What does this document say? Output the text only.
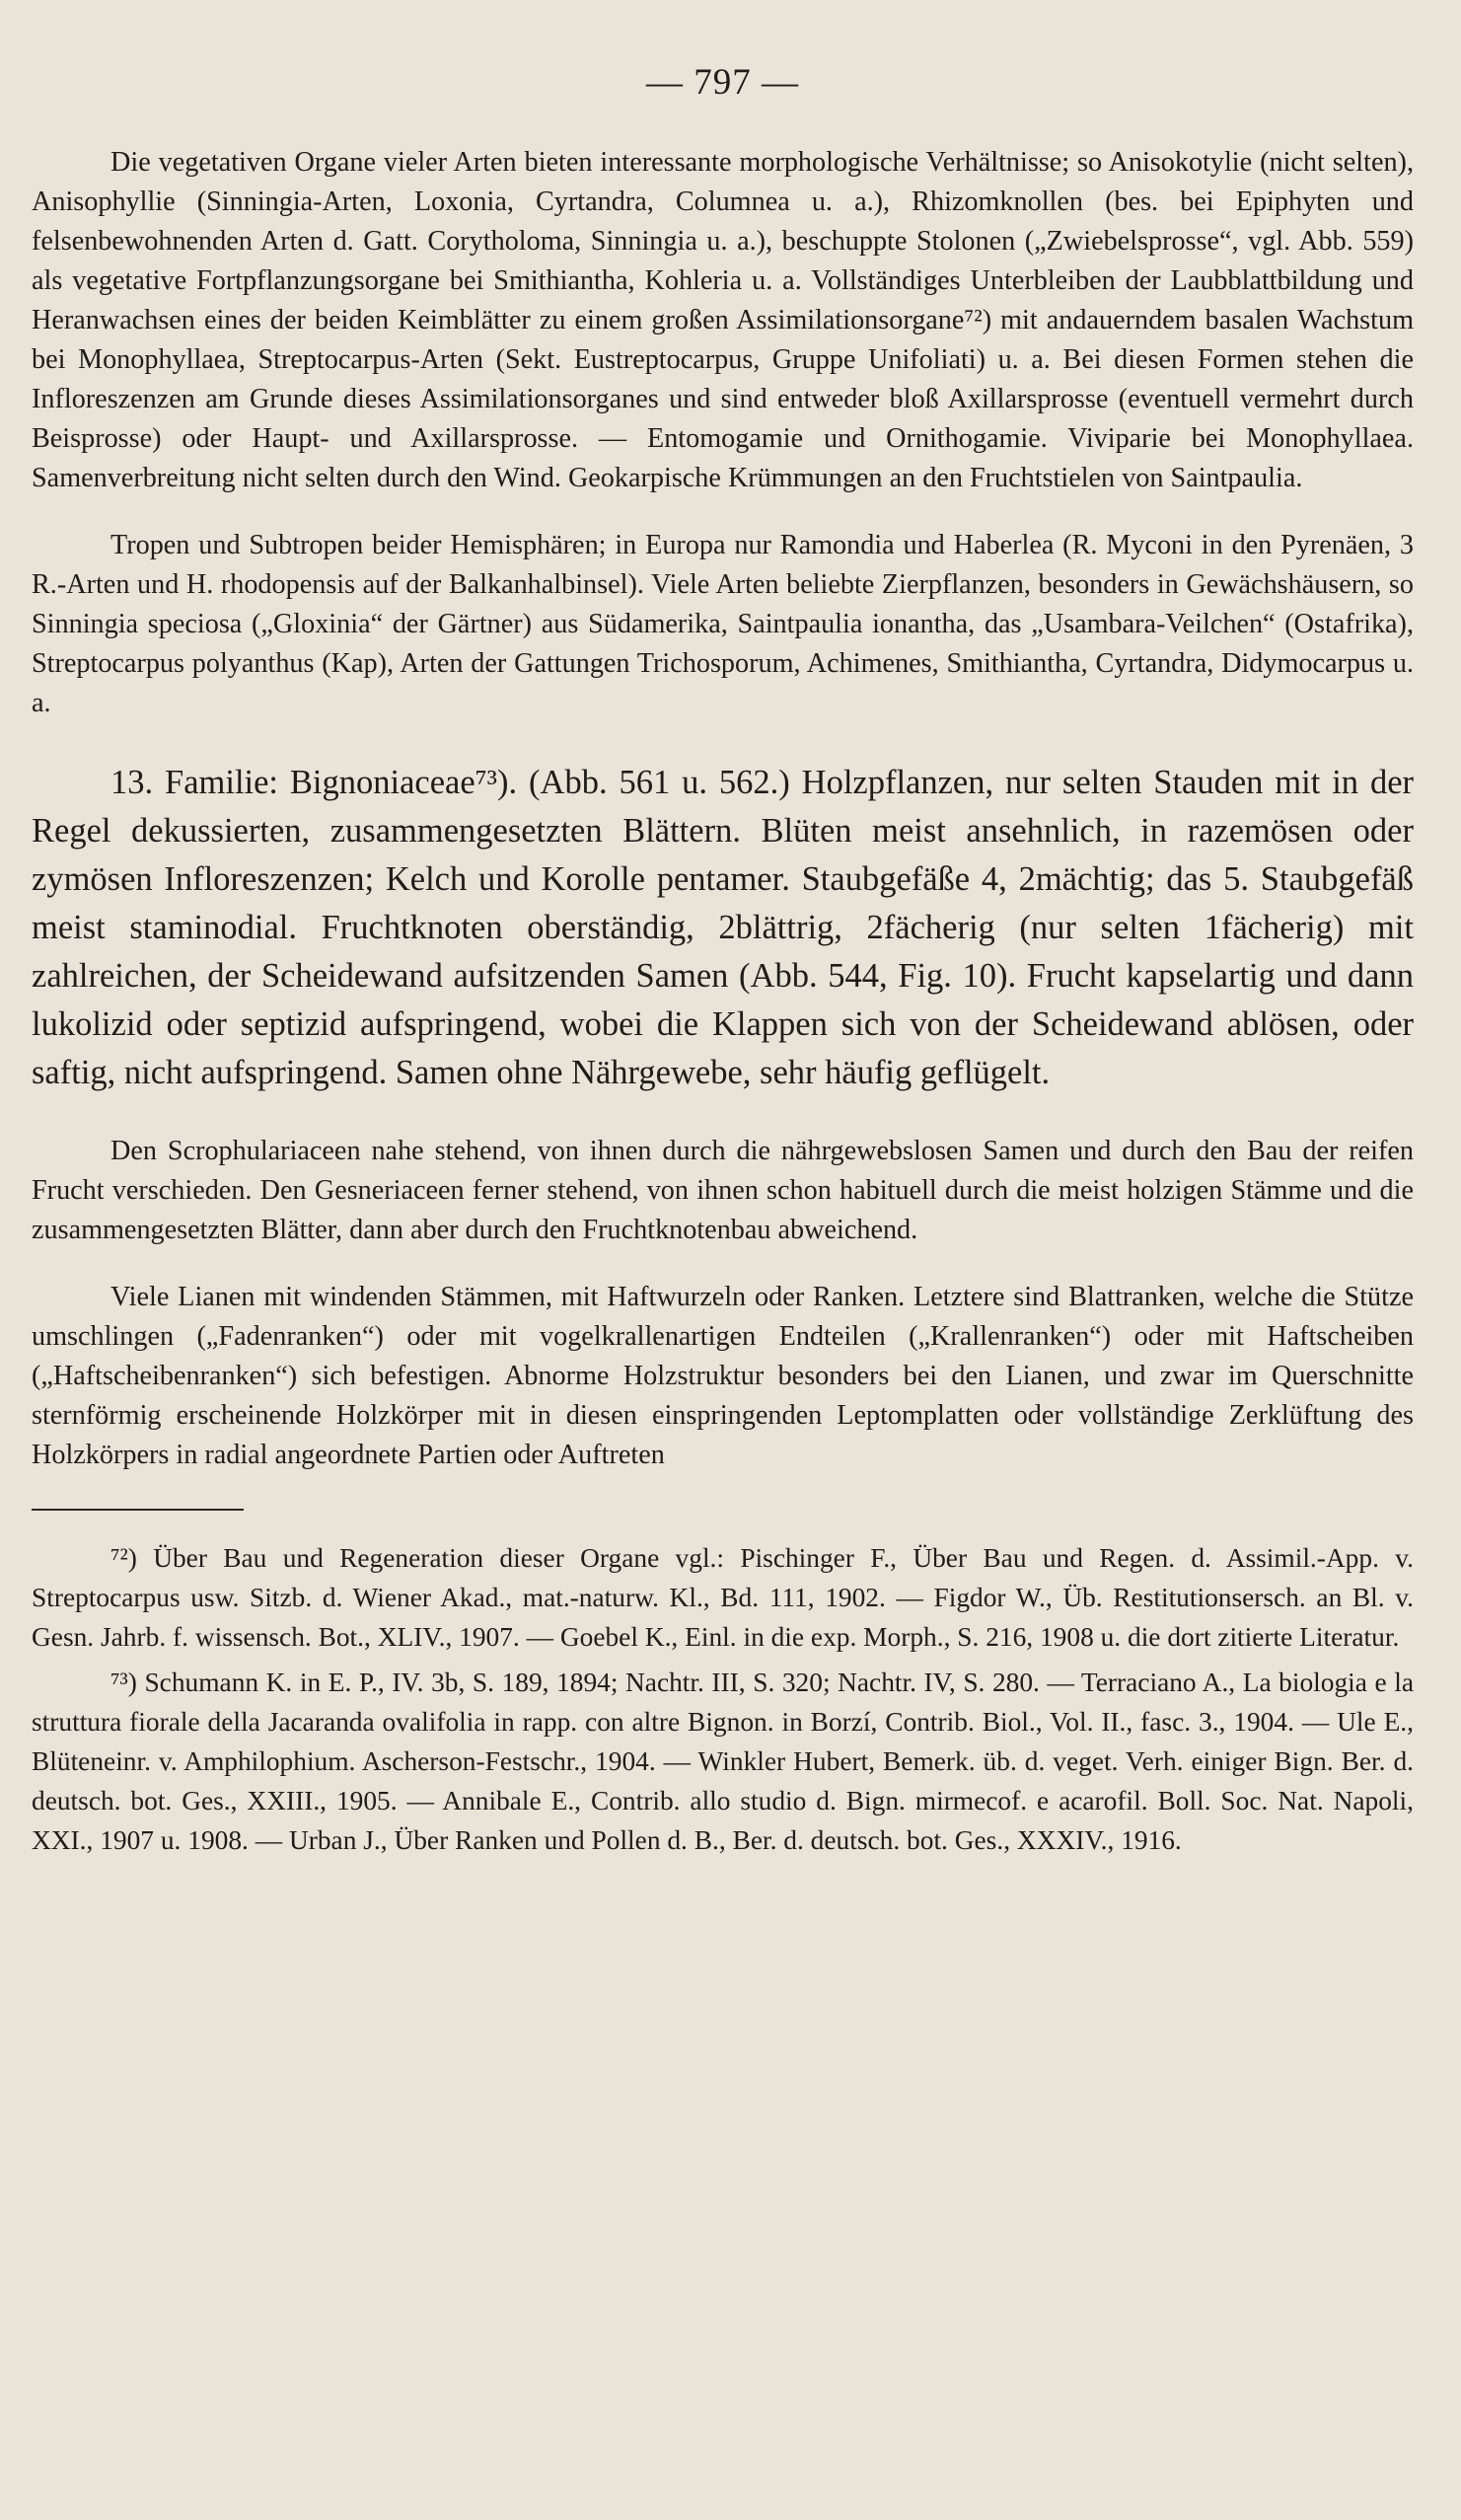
— 797 —

Die vegetativen Organe vieler Arten bieten interessante morphologische Verhältnisse; so Anisokotylie (nicht selten), Anisophyllie (Sinningia-Arten, Loxonia, Cyrtandra, Columnea u. a.), Rhizomknollen (bes. bei Epiphyten und felsenbewohnenden Arten d. Gatt. Corytholoma, Sinningia u. a.), beschuppte Stolonen („Zwiebelsprosse“, vgl. Abb. 559) als vegetative Fortpflanzungsorgane bei Smithiantha, Kohleria u. a. Vollständiges Unterbleiben der Laubblattbildung und Heranwachsen eines der beiden Keimblätter zu einem großen Assimilationsorgane⁷²) mit andauerndem basalen Wachstum bei Monophyllaea, Streptocarpus-Arten (Sekt. Eustreptocarpus, Gruppe Unifoliati) u. a. Bei diesen Formen stehen die Infloreszenzen am Grunde dieses Assimilationsorganes und sind entweder bloß Axillarsprosse (eventuell vermehrt durch Beisprosse) oder Haupt- und Axillarsprosse. — Entomogamie und Ornithogamie. Viviparie bei Monophyllaea. Samenverbreitung nicht selten durch den Wind. Geokarpische Krümmungen an den Fruchtstielen von Saintpaulia.

Tropen und Subtropen beider Hemisphären; in Europa nur Ramondia und Haberlea (R. Myconi in den Pyrenäen, 3 R.-Arten und H. rhodopensis auf der Balkanhalbinsel). Viele Arten beliebte Zierpflanzen, besonders in Gewächshäusern, so Sinningia speciosa („Gloxinia“ der Gärtner) aus Südamerika, Saintpaulia ionantha, das „Usambara-Veilchen“ (Ostafrika), Streptocarpus polyanthus (Kap), Arten der Gattungen Trichosporum, Achimenes, Smithiantha, Cyrtandra, Didymocarpus u. a.

13. Familie: Bignoniaceae⁷³). (Abb. 561 u. 562.) Holzpflanzen, nur selten Stauden mit in der Regel dekussierten, zusammengesetzten Blättern. Blüten meist ansehnlich, in razemösen oder zymösen Infloreszenzen; Kelch und Korolle pentamer. Staubgefäße 4, 2mächtig; das 5. Staubgefäß meist staminodial. Fruchtknoten oberständig, 2blättrig, 2fächerig (nur selten 1fächerig) mit zahlreichen, der Scheidewand aufsitzenden Samen (Abb. 544, Fig. 10). Frucht kapselartig und dann lukolizid oder septizid aufspringend, wobei die Klappen sich von der Scheidewand ablösen, oder saftig, nicht aufspringend. Samen ohne Nährgewebe, sehr häufig geflügelt.

Den Scrophulariaceen nahe stehend, von ihnen durch die nährgewebslosen Samen und durch den Bau der reifen Frucht verschieden. Den Gesneriaceen ferner stehend, von ihnen schon habituell durch die meist holzigen Stämme und die zusammengesetzten Blätter, dann aber durch den Fruchtknotenbau abweichend.

Viele Lianen mit windenden Stämmen, mit Haftwurzeln oder Ranken. Letztere sind Blattranken, welche die Stütze umschlingen („Fadenranken“) oder mit vogelkrallenartigen Endteilen („Krallenranken“) oder mit Haftscheiben („Haftscheibenranken“) sich befestigen. Abnorme Holzstruktur besonders bei den Lianen, und zwar im Querschnitte sternförmig erscheinende Holzkörper mit in diesen einspringenden Leptomplatten oder vollständige Zerklüftung des Holzkörpers in radial angeordnete Partien oder Auftreten

⁷²) Über Bau und Regeneration dieser Organe vgl.: Pischinger F., Über Bau und Regen. d. Assimil.-App. v. Streptocarpus usw. Sitzb. d. Wiener Akad., mat.-naturw. Kl., Bd. 111, 1902. — Figdor W., Üb. Restitutionsersch. an Bl. v. Gesn. Jahrb. f. wissensch. Bot., XLIV., 1907. — Goebel K., Einl. in die exp. Morph., S. 216, 1908 u. die dort zitierte Literatur.

⁷³) Schumann K. in E. P., IV. 3b, S. 189, 1894; Nachtr. III, S. 320; Nachtr. IV, S. 280. — Terraciano A., La biologia e la struttura fiorale della Jacaranda ovalifolia in rapp. con altre Bignon. in Borzí, Contrib. Biol., Vol. II., fasc. 3., 1904. — Ule E., Blüteneinr. v. Amphilophium. Ascherson-Festschr., 1904. — Winkler Hubert, Bemerk. üb. d. veget. Verh. einiger Bign. Ber. d. deutsch. bot. Ges., XXIII., 1905. — Annibale E., Contrib. allo studio d. Bign. mirmecof. e acarofil. Boll. Soc. Nat. Napoli, XXI., 1907 u. 1908. — Urban J., Über Ranken und Pollen d. B., Ber. d. deutsch. bot. Ges., XXXIV., 1916.
